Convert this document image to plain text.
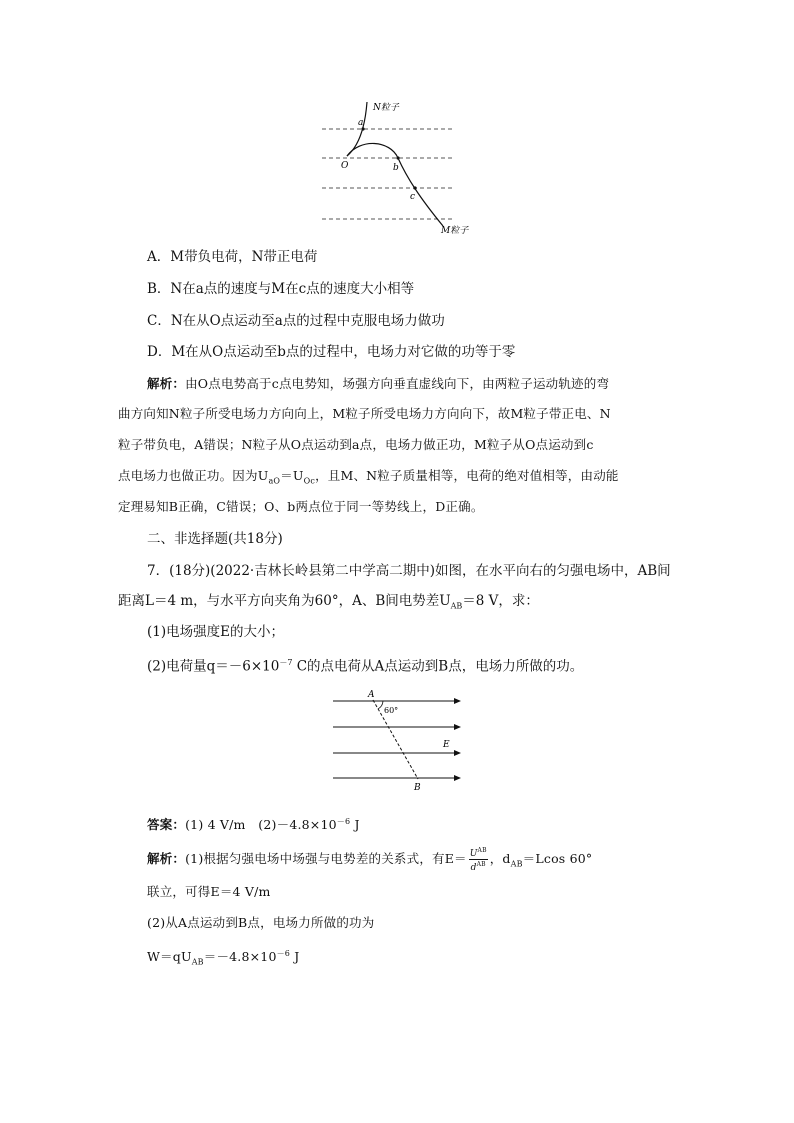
N粒子
a
O	b
c
M粒子
A．M带负电荷，N带正电荷
B．N在a点的速度与M在c点的速度大小相等
C．N在从O点运动至a点的过程中克服电场力做功
D．M在从O点运动至b点的过程中，电场力对它做的功等于零
解析：由O点电势高于c点电势知，场强方向垂直虚线向下，由两粒子运动轨迹的弯
曲方向知N粒子所受电场力方向向上，M粒子所受电场力方向向下，故M粒子带正电、N
粒子带负电，A错误；N粒子从O点运动到a点，电场力做正功，M粒子从O点运动到c
点电场力也做正功。因为$U_{aO}=U_{Oc}$，且M、N粒子质量相等，电荷的绝对值相等，由动能
定理易知B正确，C错误；O、b两点位于同一等势线上，D正确。
二、非选择题(共18分)
7．(18分)(2022·吉林长岭县第二中学高二期中)如图，在水平向右的匀强电场中，AB间
距离L＝4 m，与水平方向夹角为60°，A、B间电势差$U_{AB}=8$ V，求：
(1)电场强度E的大小；
(2)电荷量$q=-6\times 10^{-7}$ C的点电荷从A点运动到B点，电场力所做的功。
A
60°
E
B
答案：(1) 4 V/m　$(2)-4.8\times 10^{-6}$ J
解析：(1)根据匀强电场中场强与电势差的关系式，有$E= \frac{U^{AB}}{d^{AB}}$ ，$d_{AB}=Lcos$ 60°
联立，可得E＝4 V/m
(2)从A点运动到B点，电场力所做的功为
$W=qU_{AB}=-4.8\times 10^{-6}$ J
